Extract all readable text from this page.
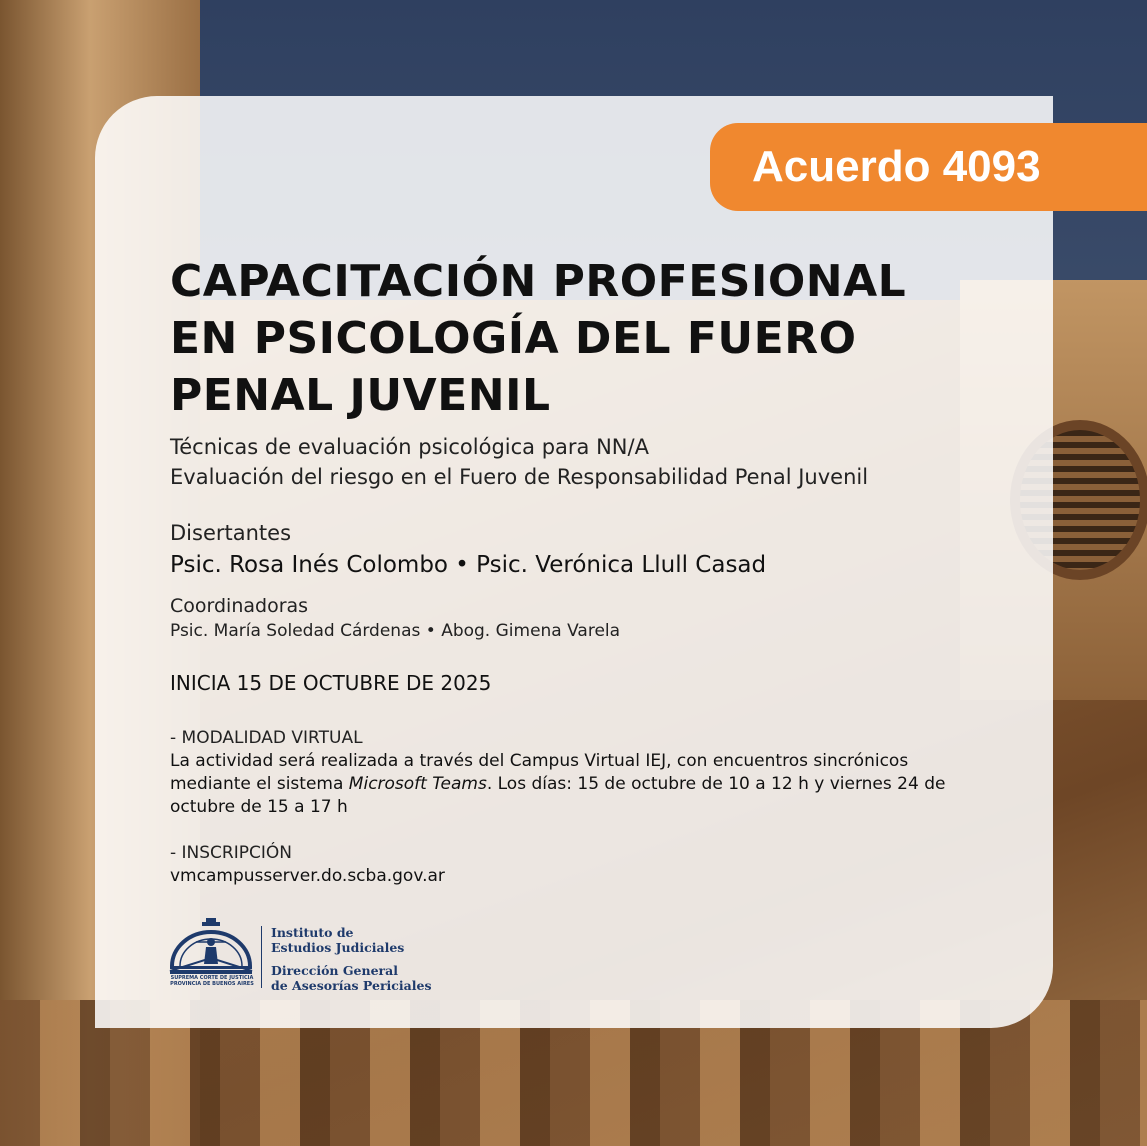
Acuerdo 4093
CAPACITACIÓN PROFESIONAL
EN PSICOLOGÍA DEL FUERO
PENAL JUVENIL
Técnicas de evaluación psicológica para NN/A
Evaluación del riesgo en el Fuero de Responsabilidad Penal Juvenil
Disertantes
Psic. Rosa Inés Colombo • Psic. Verónica Llull Casad
Coordinadoras
Psic. María Soledad Cárdenas • Abog. Gimena Varela
INICIA 15 DE OCTUBRE DE 2025
- MODALIDAD VIRTUAL
La actividad será realizada a través del Campus Virtual IEJ, con encuentros sincrónicos mediante el sistema Microsoft Teams. Los días: 15 de octubre de 10 a 12 h y viernes 24 de octubre de 15 a 17 h
- INSCRIPCIÓN
vmcampusserver.do.scba.gov.ar
SUPREMA CORTE DE JUSTICIA
PROVINCIA DE BUENOS AIRES
Instituto de
Estudios Judiciales
Dirección General
de Asesorías Periciales
